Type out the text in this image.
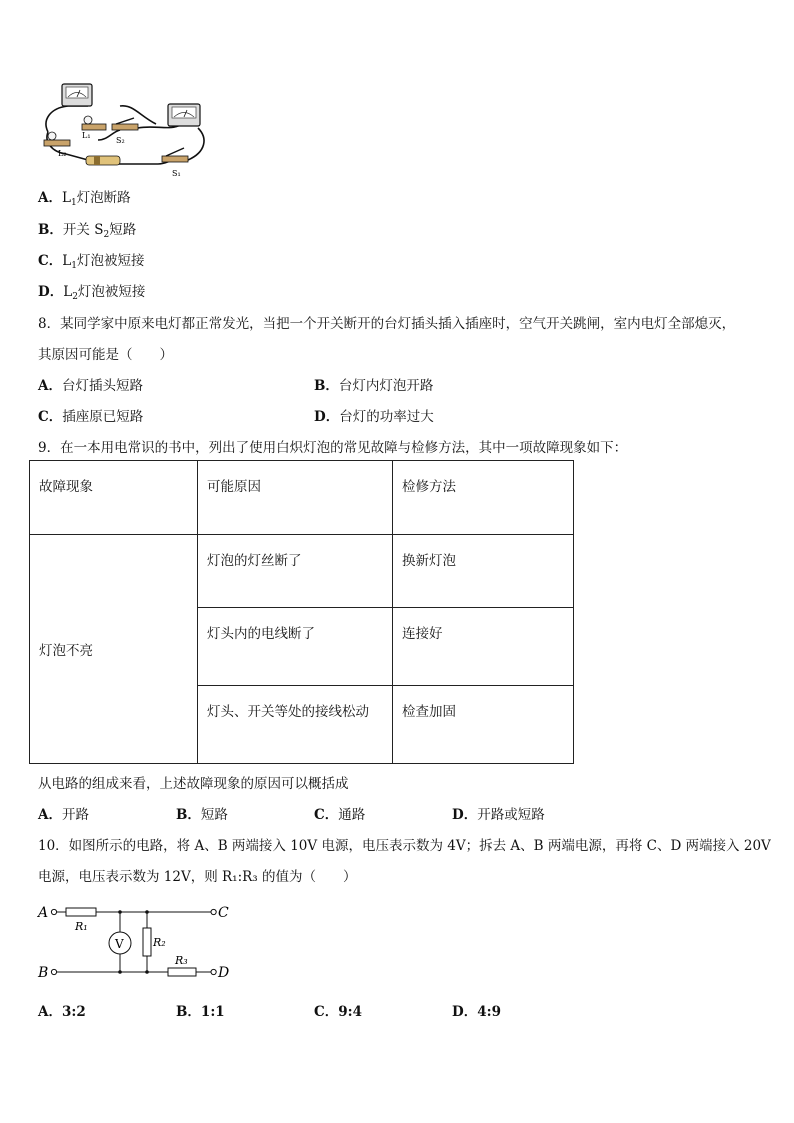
L₁
L₂
S₂
S₁
A．$L_1$灯泡断路
B．开关 $S_2$短路
C．$L_1$灯泡被短接
D．$L_2$灯泡被短接
8．某同学家中原来电灯都正常发光，当把一个开关断开的台灯插头插入插座时，空气开关跳闸，室内电灯全部熄灭，
其原因可能是（　　）
A．台灯插头短路	B．台灯内灯泡开路
C．插座原已短路	D．台灯的功率过大
9．在一本用电常识的书中，列出了使用白炽灯泡的常见故障与检修方法，其中一项故障现象如下：
故障现象	可能原因	检修方法
灯泡不亮	灯泡的灯丝断了	换新灯泡
	灯头内的电线断了	连接好
	灯头、开关等处的接线松动	检查加固
从电路的组成来看，上述故障现象的原因可以概括成
A．开路	B．短路	C．通路	D．开路或短路
10．如图所示的电路，将 A、B 两端接入 10V 电源，电压表示数为 4V；拆去 A、B 两端电源，再将 C、D 两端接入 20V
电源，电压表示数为 12V，则 R₁:R₃ 的值为（　　）
A
B
C
D
R₁
R₂
R₃
V
A．3:2	B．1:1	C．9:4	D．4:9
